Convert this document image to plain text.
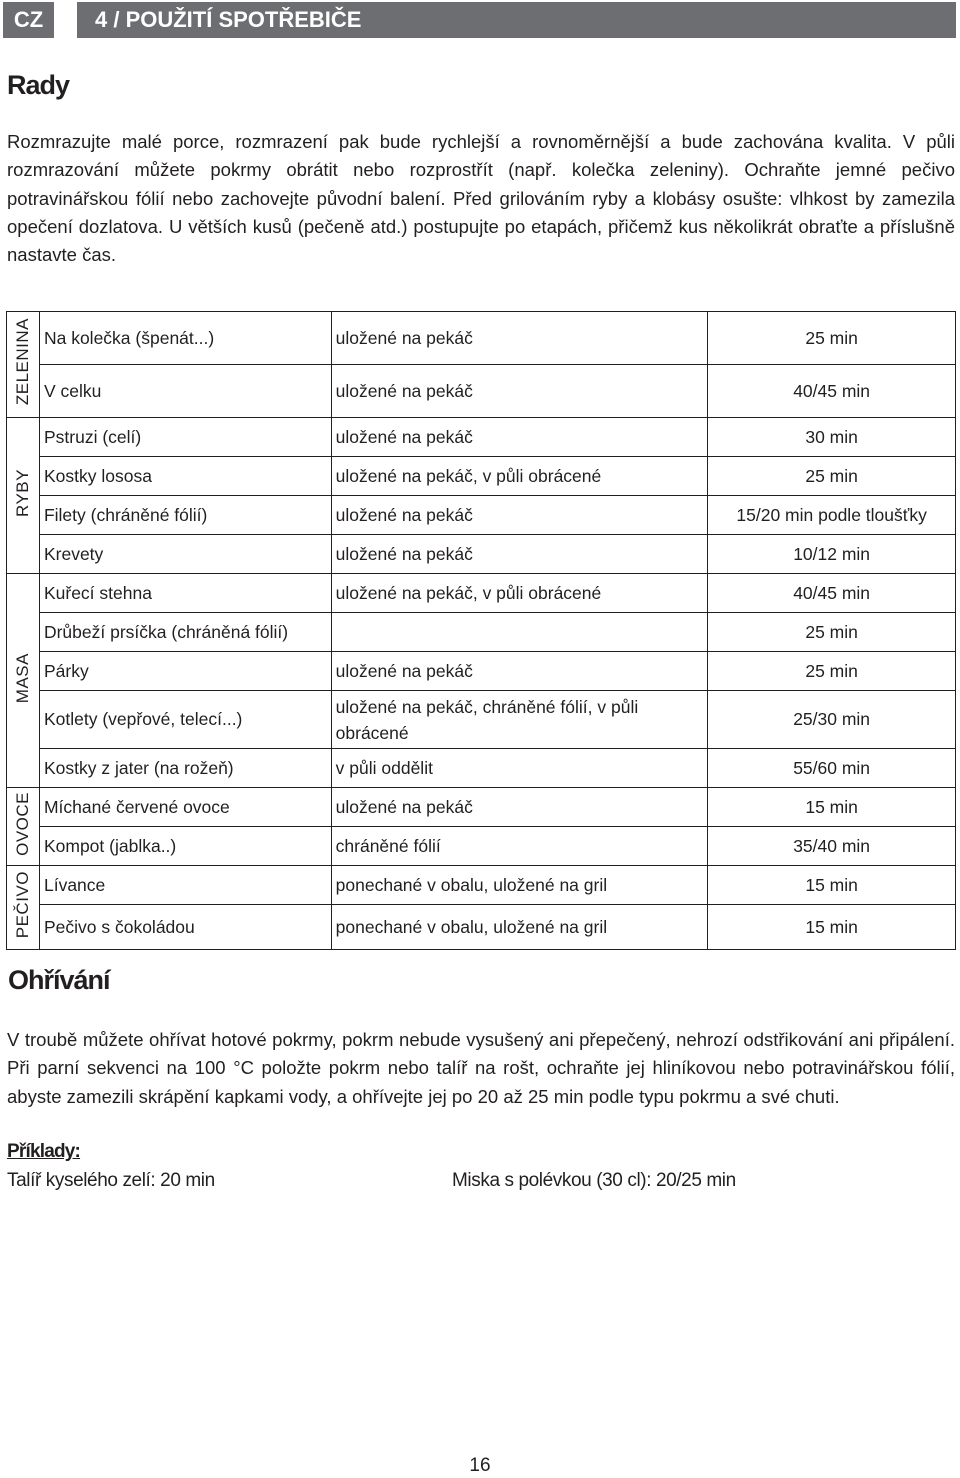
CZ	4 / POUŽITÍ SPOTŘEBIČE
Rady

Rozmrazujte malé porce, rozmrazení pak bude rychlejší a rovnoměrnější a bude zachována kvalita. V půli rozmrazování můžete pokrmy obrátit nebo rozprostřít (např. kolečka zeleniny). Ochraňte jemné pečivo potravinářskou fólií nebo zachovejte původní balení. Před grilováním ryby a klobásy osušte: vlhkost by zamezila opečení dozlatova. U větších kusů (pečeně atd.) postupujte po etapách, přičemž kus několikrát obraťte a příslušně nastavte čas.

ZELENINA	Na kolečka (špenát...)	uložené na pekáč	25 min
	V celku	uložené na pekáč	40/45 min
RYBY	Pstruzi (celí)	uložené na pekáč	30 min
	Kostky lososa	uložené na pekáč, v půli obrácené	25 min
	Filety (chráněné fólií)	uložené na pekáč	15/20 min podle tloušťky
	Krevety	uložené na pekáč	10/12 min
MASA	Kuřecí stehna	uložené na pekáč, v půli obrácené	40/45 min
	Drůbeží prsíčka (chráněná fólií)		25 min
	Párky	uložené na pekáč	25 min
	Kotlety (vepřové, telecí...)	uložené na pekáč, chráněné fólií, v půli obrácené	25/30 min
	Kostky z jater (na rožeň)	v půli oddělit	55/60 min
OVOCE	Míchané červené ovoce	uložené na pekáč	15 min
	Kompot (jablka..)	chráněné fólií	35/40 min
PEČIVO	Lívance	ponechané v obalu, uložené na gril	15 min
	Pečivo s čokoládou	ponechané v obalu, uložené na gril	15 min
Ohřívání

V troubě můžete ohřívat hotové pokrmy, pokrm nebude vysušený ani přepečený, nehrozí odstřikování ani připálení. Při parní sekvenci na 100 °C položte pokrm nebo talíř na rošt, ochraňte jej hliníkovou nebo potravinářskou fólií, abyste zamezili skrápění kapkami vody, a ohřívejte jej po 20 až 25 min podle typu pokrmu a své chuti.

Příklady:
Talíř kyselého zelí: 20 min	Miska s polévkou (30 cl): 20/25 min
16
